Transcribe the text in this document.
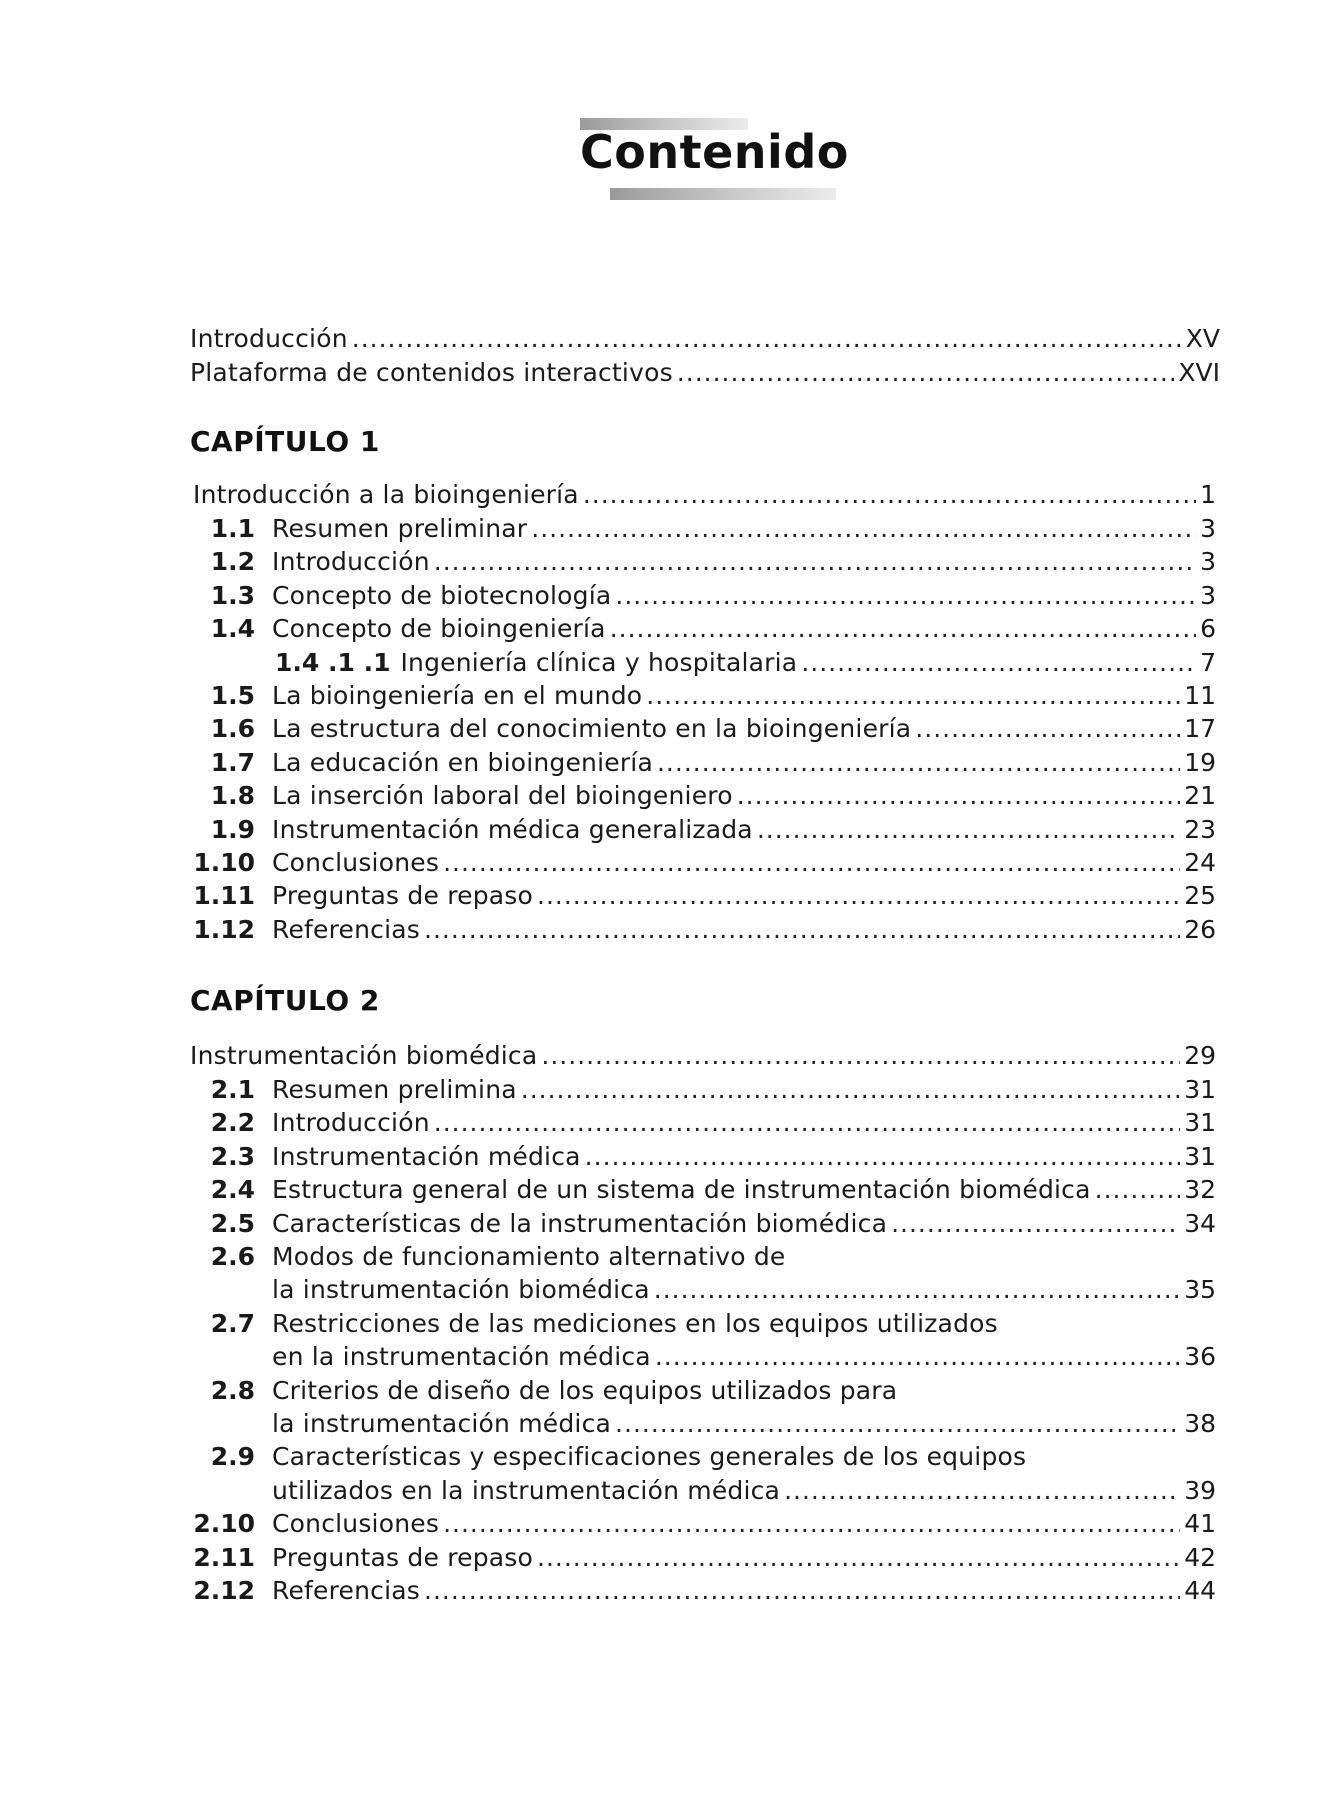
Contenido
Introducción .....	XV
Plataforma de contenidos interactivos .....	XVI
CAPÍTULO 1
Introducción a la bioingeniería .....	1
1.1 Resumen preliminar .....	3
1.2 Introducción .....	3
1.3 Concepto de biotecnología .....	3
1.4 Concepto de bioingeniería .....	6
1.4 .1 .1 Ingeniería clínica y hospitalaria .....	7
1.5 La bioingeniería en el mundo .....	11
1.6 La estructura del conocimiento en la bioingeniería .....	17
1.7 La educación en bioingeniería .....	19
1.8 La inserción laboral del bioingeniero .....	21
1.9 Instrumentación médica generalizada .....	23
1.10 Conclusiones .....	24
1.11 Preguntas de repaso .....	25
1.12 Referencias .....	26
CAPÍTULO 2
Instrumentación biomédica .....	29
2.1 Resumen prelimina .....	31
2.2 Introducción .....	31
2.3 Instrumentación médica .....	31
2.4 Estructura general de un sistema de instrumentación biomédica .....	32
2.5 Características de la instrumentación biomédica .....	34
2.6 Modos de funcionamiento alternativo de
la instrumentación biomédica .....	35
2.7 Restricciones de las mediciones en los equipos utilizados
en la instrumentación médica .....	36
2.8 Criterios de diseño de los equipos utilizados para
la instrumentación médica .....	38
2.9 Características y especificaciones generales de los equipos
utilizados en la instrumentación médica .....	39
2.10 Conclusiones .....	41
2.11 Preguntas de repaso .....	42
2.12 Referencias .....	44
